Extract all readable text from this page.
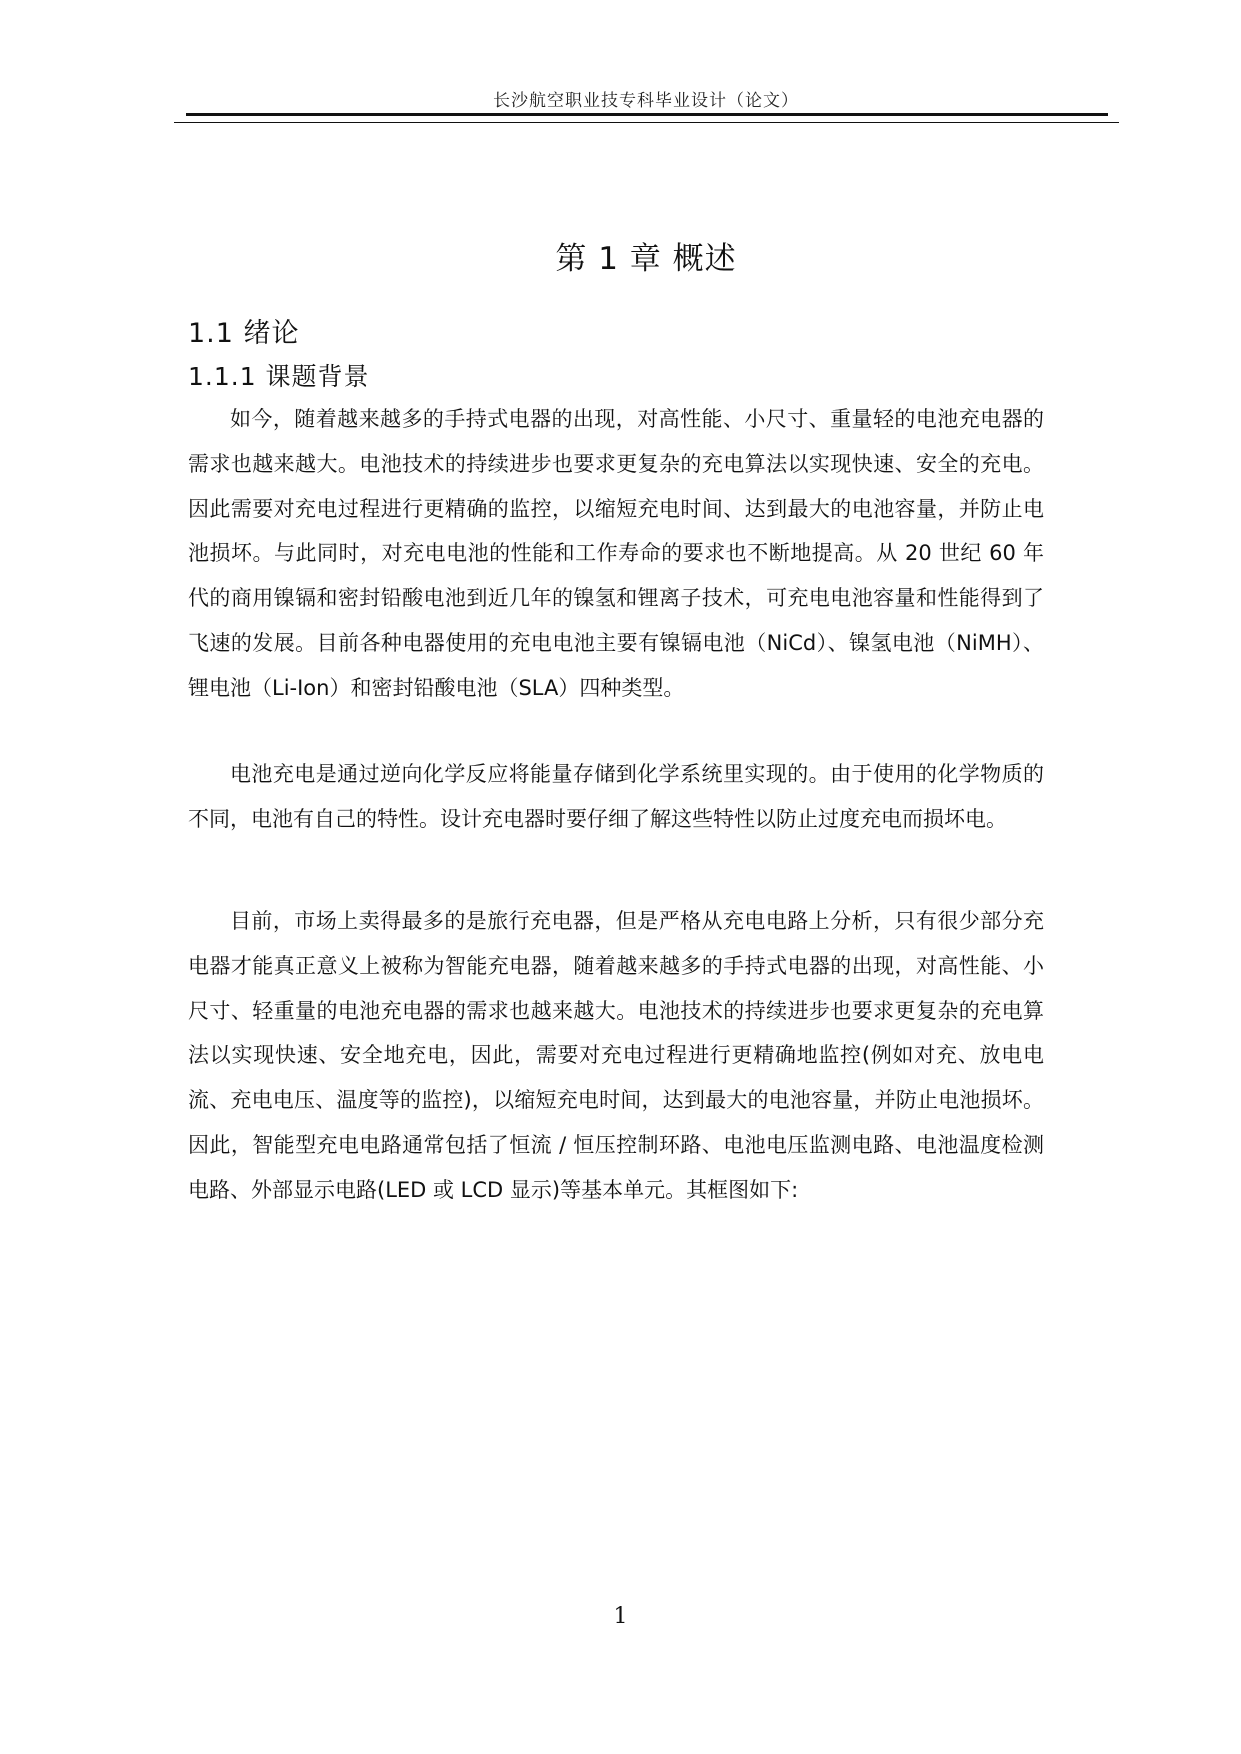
长沙航空职业技专科毕业设计（论文）
第 1 章 概述
1.1 绪论
1.1.1 课题背景

如今，随着越来越多的手持式电器的出现，对高性能、小尺寸、重量轻的电池充电器的需求也越来越大。电池技术的持续进步也要求更复杂的充电算法以实现快速、安全的充电。因此需要对充电过程进行更精确的监控，以缩短充电时间、达到最大的电池容量，并防止电池损坏。与此同时，对充电电池的性能和工作寿命的要求也不断地提高。从 20 世纪 60 年代的商用镍镉和密封铅酸电池到近几年的镍氢和锂离子技术，可充电电池容量和性能得到了飞速的发展。目前各种电器使用的充电电池主要有镍镉电池（NiCd）、镍氢电池（NiMH）、锂电池（Li-Ion）和密封铅酸电池（SLA）四种类型。

电池充电是通过逆向化学反应将能量存储到化学系统里实现的。由于使用的化学物质的不同，电池有自己的特性。设计充电器时要仔细了解这些特性以防止过度充电而损坏电。

目前，市场上卖得最多的是旅行充电器，但是严格从充电电路上分析，只有很少部分充电器才能真正意义上被称为智能充电器，随着越来越多的手持式电器的出现，对高性能、小尺寸、轻重量的电池充电器的需求也越来越大。电池技术的持续进步也要求更复杂的充电算法以实现快速、安全地充电，因此，需要对充电过程进行更精确地监控(例如对充、放电电流、充电电压、温度等的监控)，以缩短充电时间，达到最大的电池容量，并防止电池损坏。因此，智能型充电电路通常包括了恒流 / 恒压控制环路、电池电压监测电路、电池温度检测电路、外部显示电路(LED 或 LCD 显示)等基本单元。其框图如下:

1
